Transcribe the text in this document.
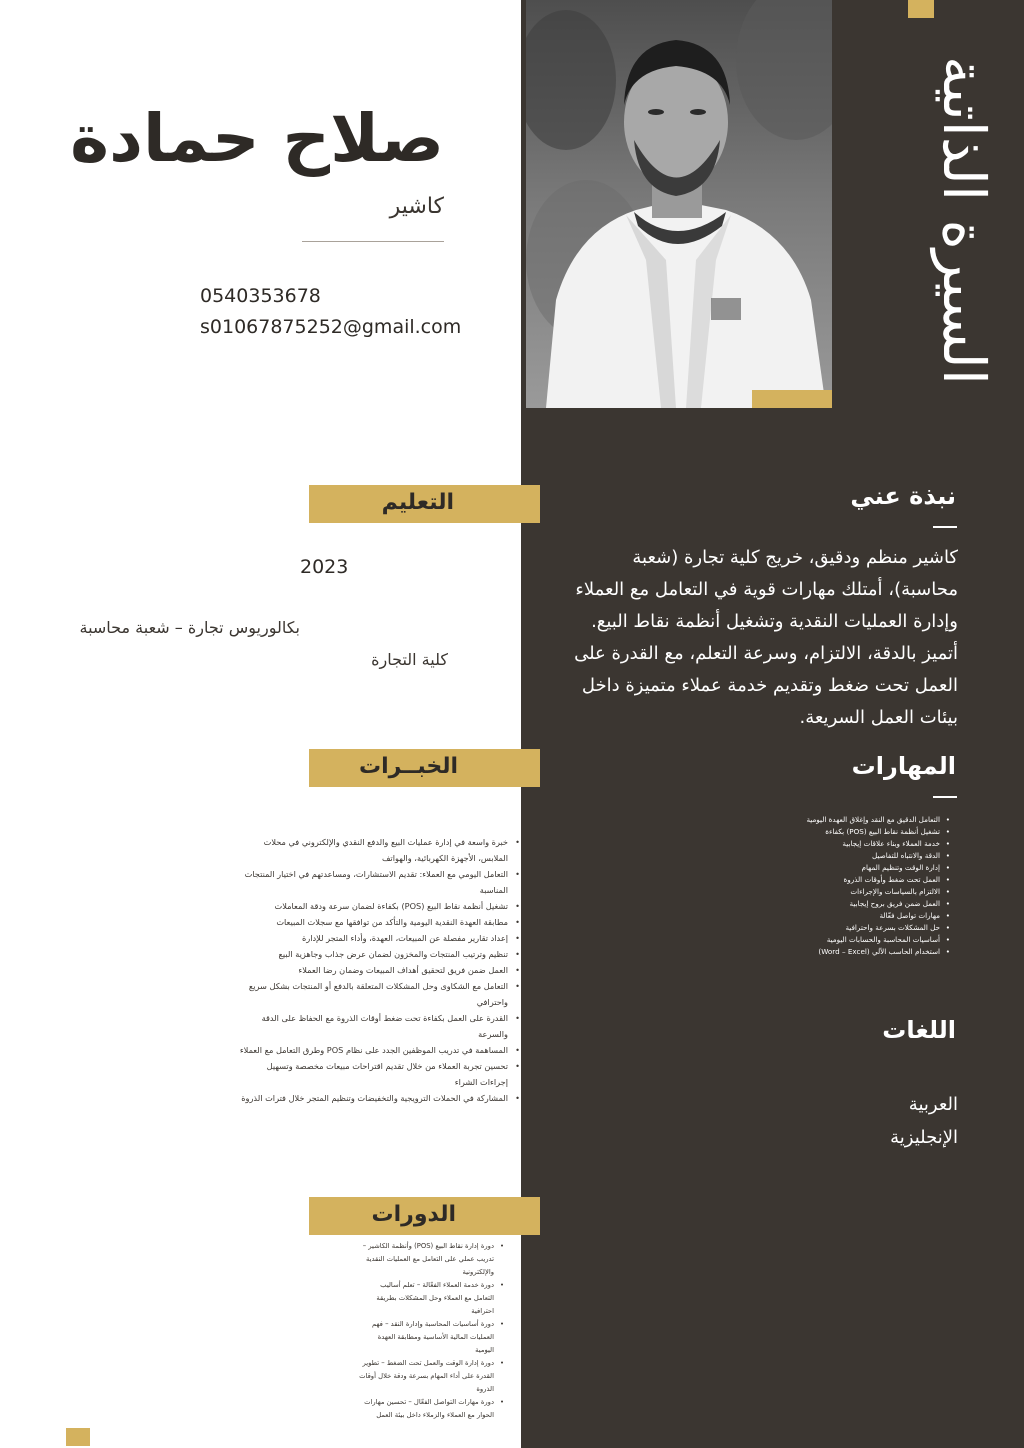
السيرة الذاتية
صلاح حمادة
كاشير
0540353678
s01067875252@gmail.com
التعليم
2023
بكالوريوس تجارة – شعبة محاسبة
كلية التجارة
الخبــرات
• خبرة واسعة في إدارة عمليات البيع والدفع النقدي والإلكتروني في محلات الملابس، الأجهزة الكهربائية، والهواتف
• التعامل اليومي مع العملاء: تقديم الاستشارات، ومساعدتهم في اختيار المنتجات المناسبة
• تشغيل أنظمة نقاط البيع (POS) بكفاءة لضمان سرعة ودقة المعاملات
• مطابقة العهدة النقدية اليومية والتأكد من توافقها مع سجلات المبيعات
• إعداد تقارير مفصلة عن المبيعات، العهدة، وأداء المتجر للإدارة
• تنظيم وترتيب المنتجات والمخزون لضمان عرض جذاب وجاهزية البيع
• العمل ضمن فريق لتحقيق أهداف المبيعات وضمان رضا العملاء
• التعامل مع الشكاوى وحل المشكلات المتعلقة بالدفع أو المنتجات بشكل سريع واحترافي
• القدرة على العمل بكفاءة تحت ضغط أوقات الذروة مع الحفاظ على الدقة والسرعة
• المساهمة في تدريب الموظفين الجدد على نظام POS وطرق التعامل مع العملاء
• تحسين تجربة العملاء من خلال تقديم اقتراحات مبيعات مخصصة وتسهيل إجراءات الشراء
• المشاركة في الحملات الترويجية والتخفيضات وتنظيم المتجر خلال فترات الذروة
الدورات
• دورة إدارة نقاط البيع (POS) وأنظمة الكاشير – تدريب عملي على التعامل مع العمليات النقدية والإلكترونية
• دورة خدمة العملاء الفعّالة – تعلم أساليب التعامل مع العملاء وحل المشكلات بطريقة احترافية
• دورة أساسيات المحاسبة وإدارة النقد – فهم العمليات المالية الأساسية ومطابقة العهدة اليومية
• دورة إدارة الوقت والعمل تحت الضغط – تطوير القدرة على أداء المهام بسرعة ودقة خلال أوقات الذروة
• دورة مهارات التواصل الفعّال – تحسين مهارات الحوار مع العملاء والزملاء داخل بيئة العمل
نبذة عني
كاشير منظم ودقيق، خريج كلية تجارة (شعبة محاسبة)، أمتلك مهارات قوية في التعامل مع العملاء وإدارة العمليات النقدية وتشغيل أنظمة نقاط البيع. أتميز بالدقة، الالتزام، وسرعة التعلم، مع القدرة على العمل تحت ضغط وتقديم خدمة عملاء متميزة داخل بيئات العمل السريعة.
المهارات
• التعامل الدقيق مع النقد وإغلاق العهدة اليومية
• تشغيل أنظمة نقاط البيع (POS) بكفاءة
• خدمة العملاء وبناء علاقات إيجابية
• الدقة والانتباه للتفاصيل
• إدارة الوقت وتنظيم المهام
• العمل تحت ضغط وأوقات الذروة
• الالتزام بالسياسات والإجراءات
• العمل ضمن فريق بروح إيجابية
• مهارات تواصل فعّالة
• حل المشكلات بسرعة واحترافية
• أساسيات المحاسبة والحسابات اليومية
• استخدام الحاسب الآلي (Word – Excel)
اللغات
العربية
الإنجليزية
